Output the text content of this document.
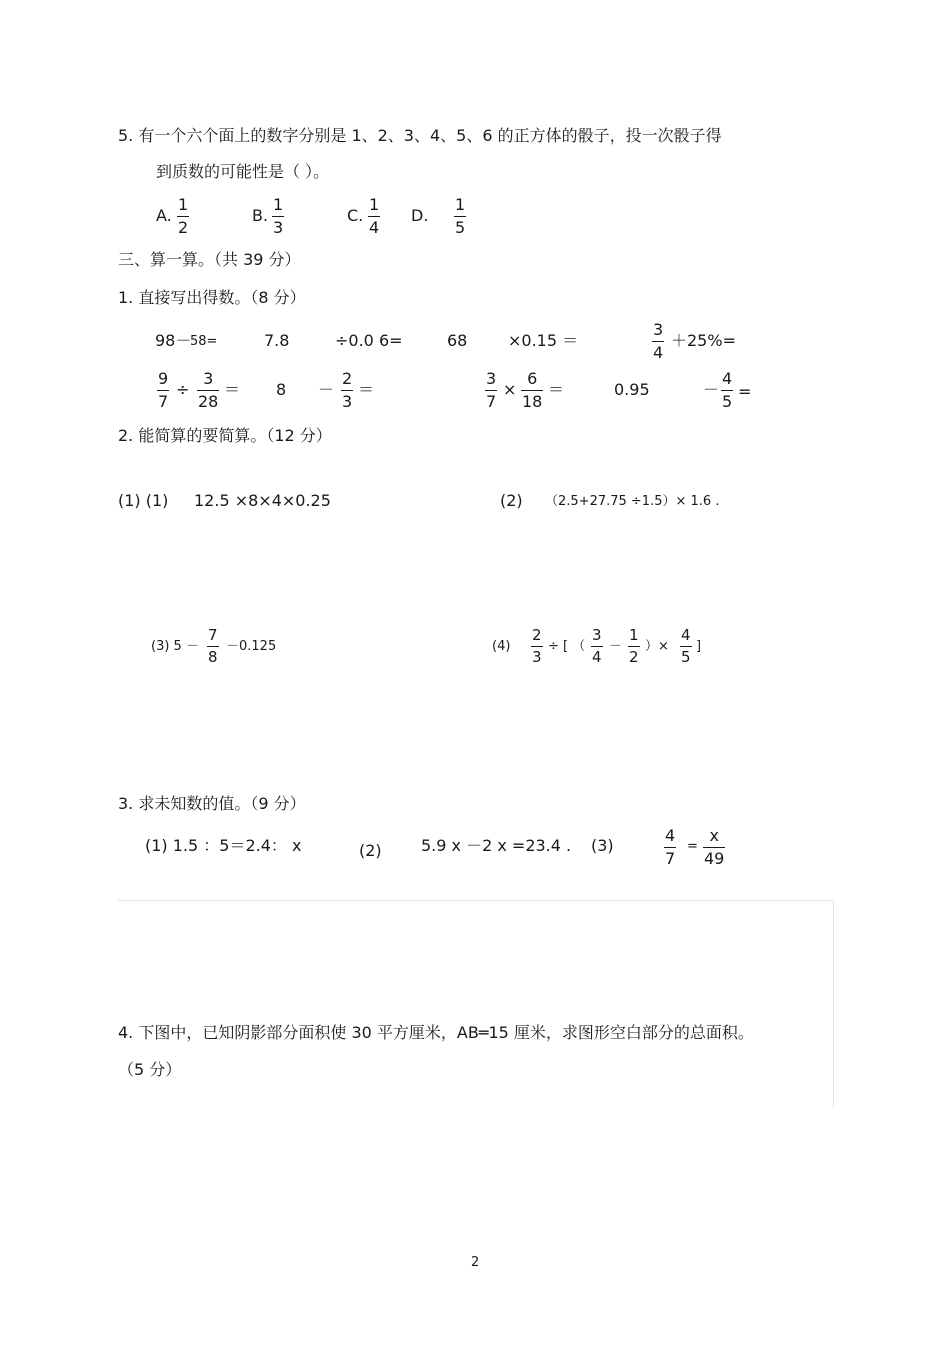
5. 有一个六个面上的数字分别是 1、2、3、4、5、6 的正方体的骰子，投一次骰子得
到质数的可能性是（ ）。
A.
1
2
B.
1
3
C.
1
4
D.
1
5
三、算一算。（共 39 分）
1. 直接写出得数。（8 分）
98－
58=	7.8	÷0.0 6=	68	×0.15 ＝
3
4
＋25%=
9
7
÷
3
28
＝ 8 －
2
3
＝
3
7
×
6
18
＝	0.95	－
4
5
=
2. 能简算的要简算。（12 分）
(1) (1) 12.5 ×8×4×0.25	(2) （2.5+27.75 ÷1.5）× 1.6 .
(3) 5 －
7
8
－0.125	(4)
2
3
÷ [ （
3
4
－
1
2
）×
4
5
]
3. 求未知数的值。（9 分）
(1) 1.5 ：5＝2.4： x	(2) 5.9 x －2 x =23.4 . (3)
4
7
=
x
49
4. 下图中，已知阴影部分面积使 30 平方厘米，AB═15 厘米，求图形空白部分的总面积。
（5 分）
2
